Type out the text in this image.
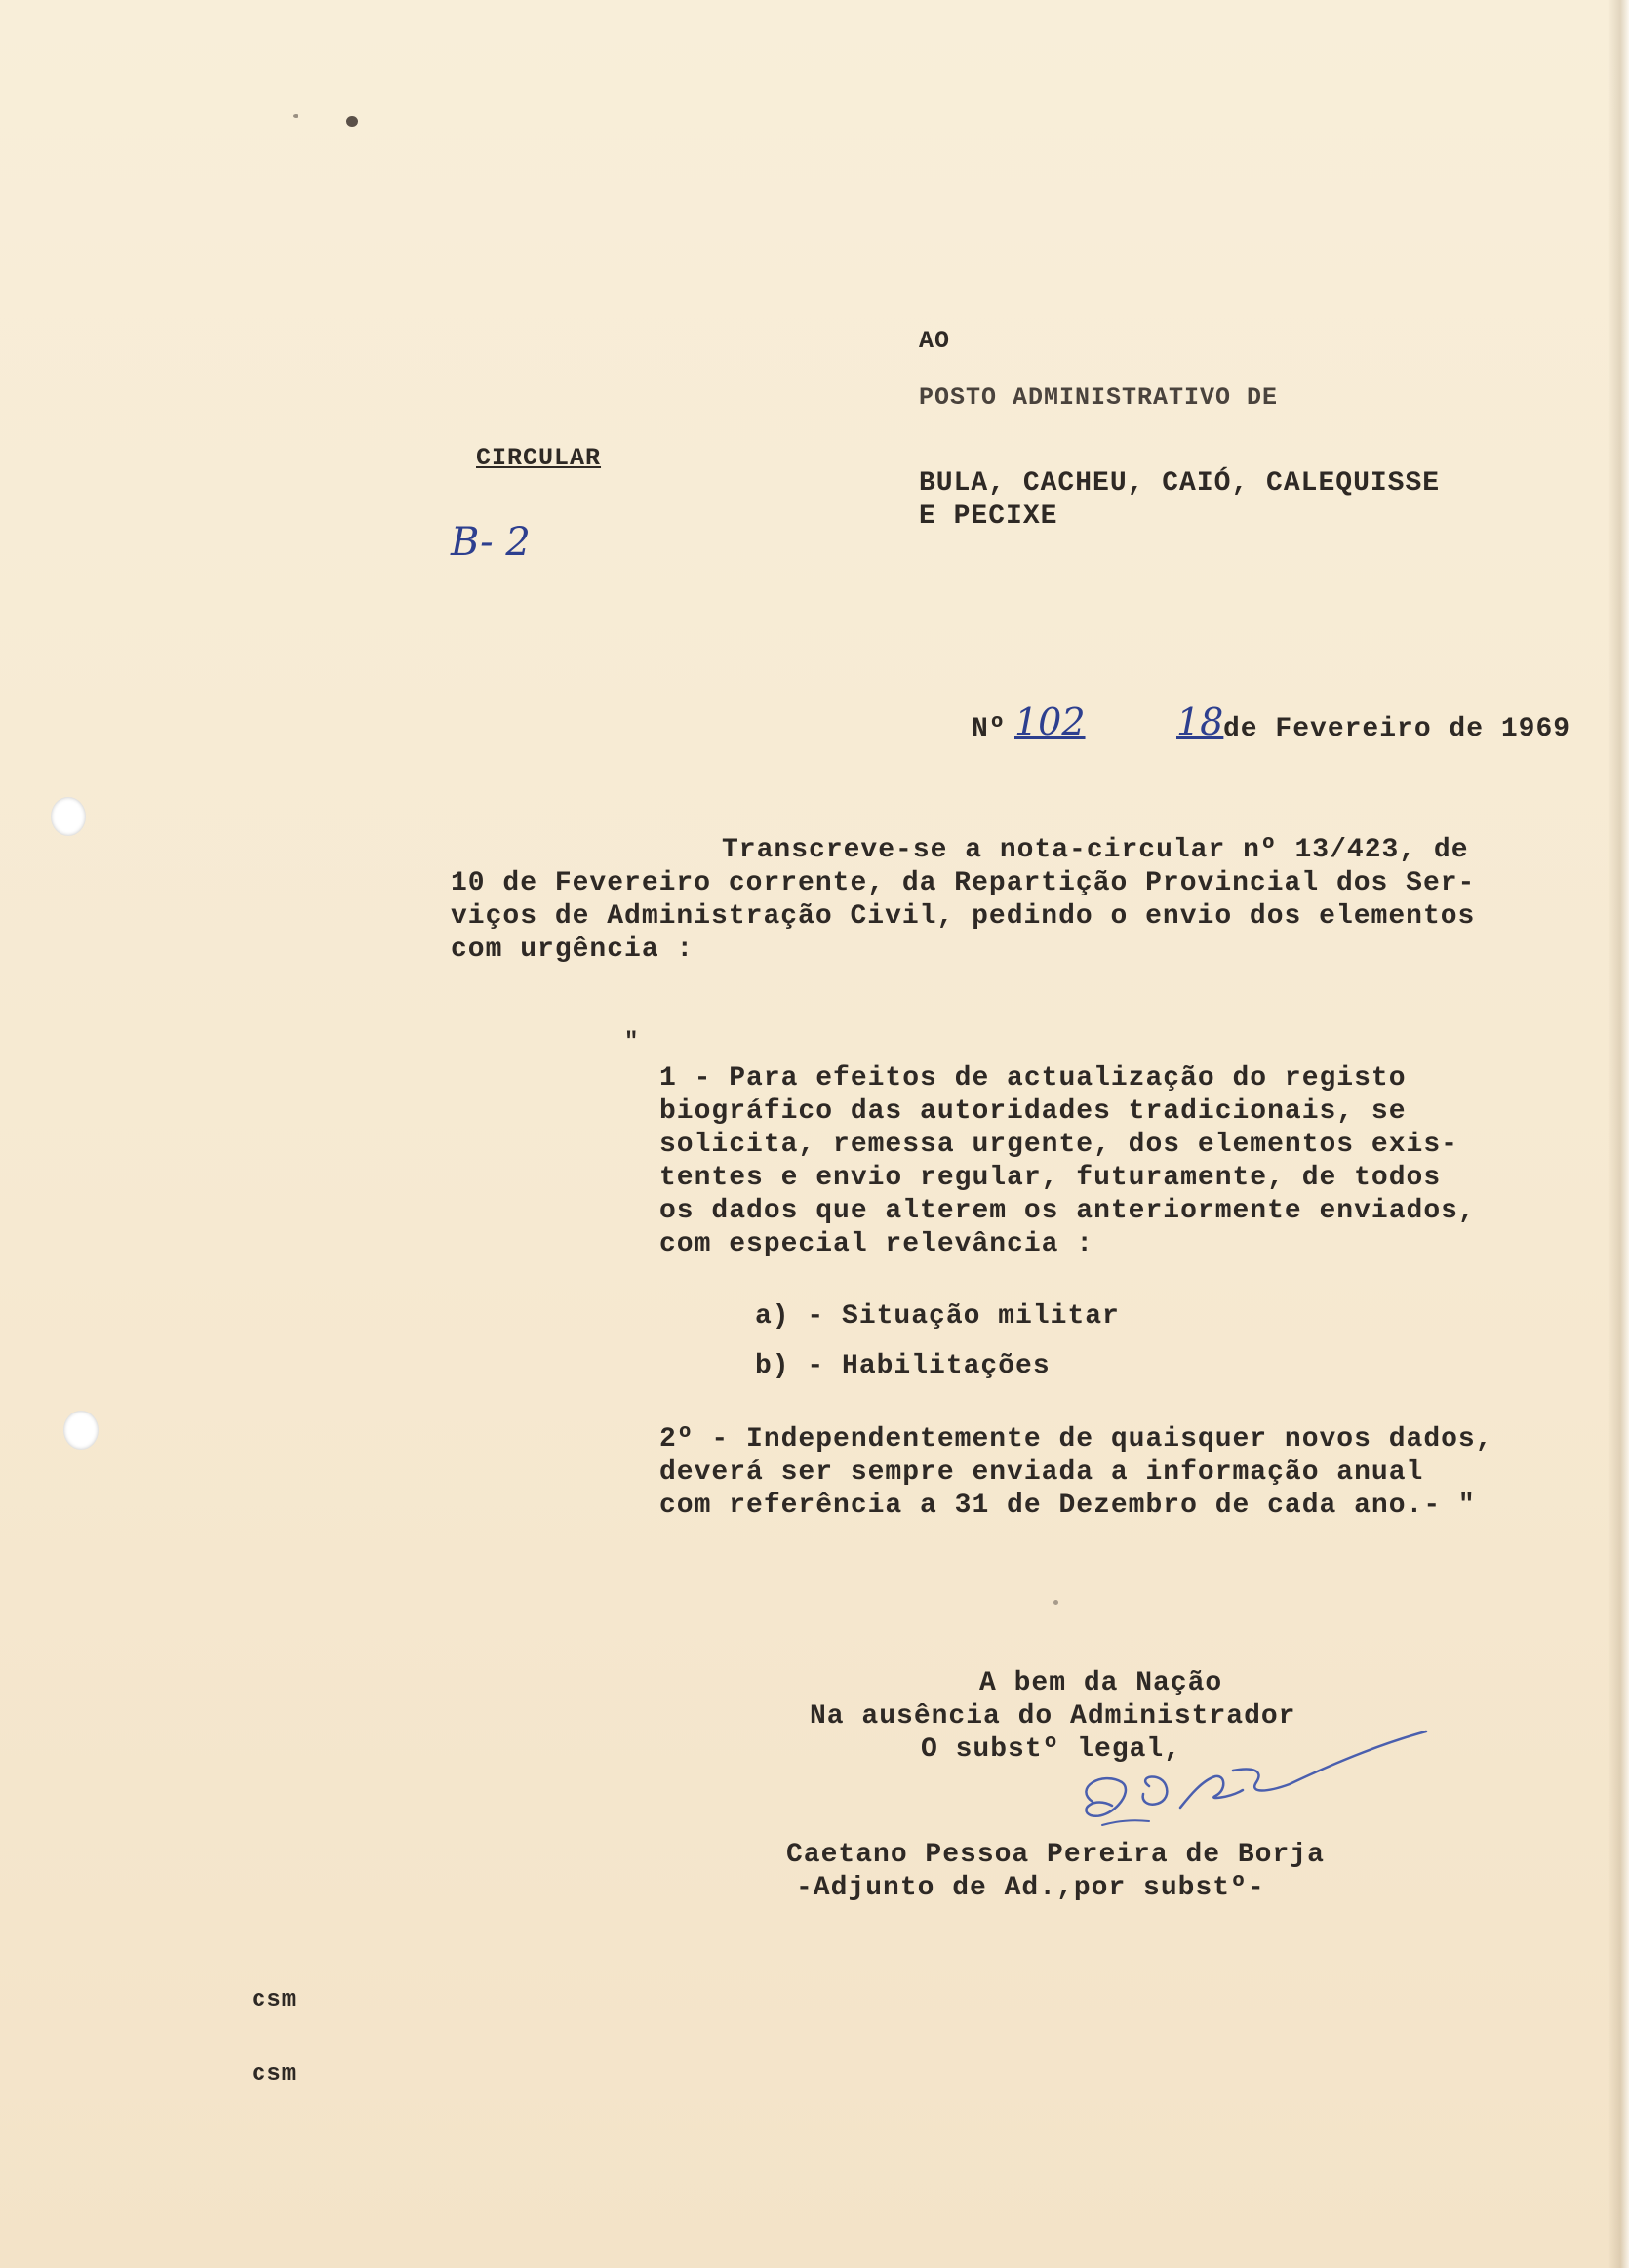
AO

POSTO ADMINISTRATIVO DE

CIRCULAR

BULA, CACHEU, CAIÓ, CALEQUISSE

E PECIXE

B- 2

Nº 102 18 de Fevereiro de 1969

Transcreve-se a nota-circular nº 13/423, de

10 de Fevereiro corrente, da Repartição Provincial dos Ser-

viços de Administração Civil, pedindo o envio dos elementos

com urgência :

"

1 - Para efeitos de actualização do registo

biográfico das autoridades tradicionais, se

solicita, remessa urgente, dos elementos exis-

tentes e envio regular, futuramente, de todos

os dados que alterem os anteriormente enviados,

com especial relevância :

a) - Situação militar

b) - Habilitações

2º - Independentemente de quaisquer novos dados,

deverá ser sempre enviada a informação anual

com referência a 31 de Dezembro de cada ano.- "

A bem da Nação

Na ausência do Administrador

O substº legal,

Caetano Pessoa Pereira de Borja

-Adjunto de Ad.,por substº-

csm

csm
